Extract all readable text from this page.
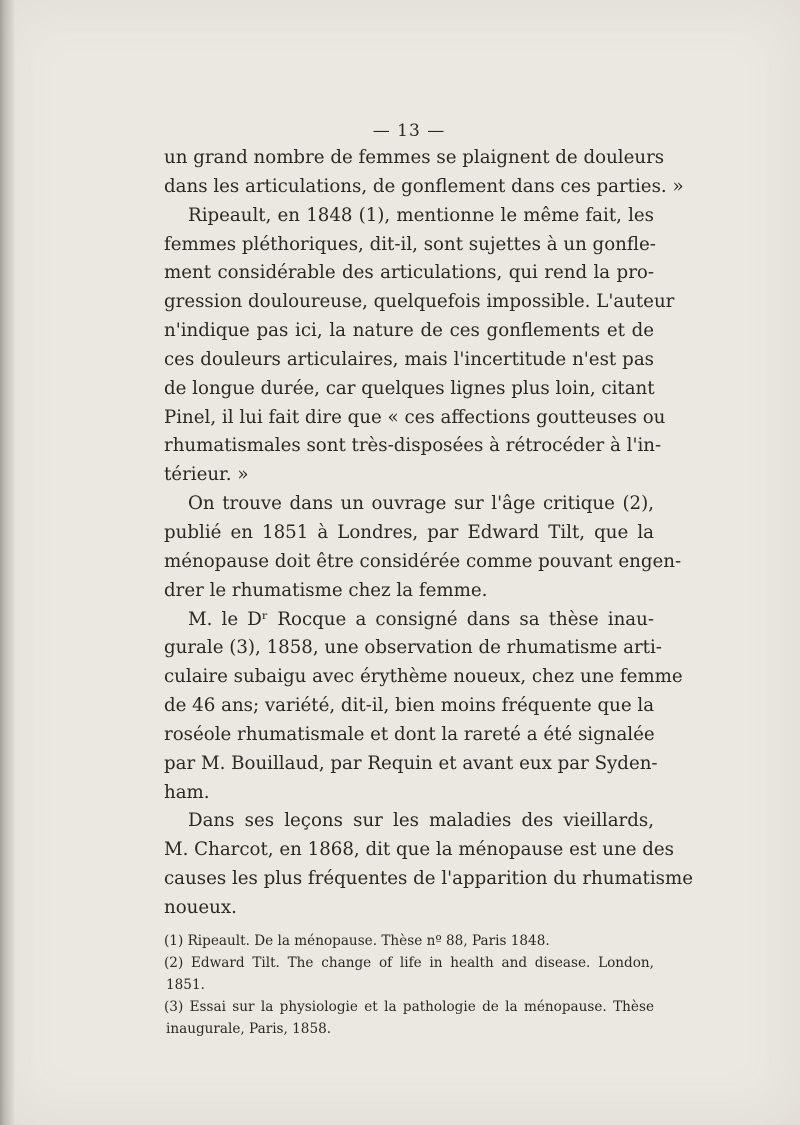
— 13 —
un grand nombre de femmes se plaignent de douleurs
dans les articulations, de gonflement dans ces parties. »
Ripeault, en 1848 (1), mentionne le même fait, les
femmes pléthoriques, dit-il, sont sujettes à un gonfle-
ment considérable des articulations, qui rend la pro-
gression douloureuse, quelquefois impossible. L'auteur
n'indique pas ici, la nature de ces gonflements et de
ces douleurs articulaires, mais l'incertitude n'est pas
de longue durée, car quelques lignes plus loin, citant
Pinel, il lui fait dire que « ces affections goutteuses ou
rhumatismales sont très-disposées à rétrocéder à l'in-
térieur. »
On trouve dans un ouvrage sur l'âge critique (2),
publié en 1851 à Londres, par Edward Tilt, que la
ménopause doit être considérée comme pouvant engen-
drer le rhumatisme chez la femme.
M. le Dʳ Rocque a consigné dans sa thèse inau-
gurale (3), 1858, une observation de rhumatisme arti-
culaire subaigu avec érythème noueux, chez une femme
de 46 ans; variété, dit-il, bien moins fréquente que la
roséole rhumatismale et dont la rareté a été signalée
par M. Bouillaud, par Requin et avant eux par Syden-
ham.
Dans ses leçons sur les maladies des vieillards,
M. Charcot, en 1868, dit que la ménopause est une des
causes les plus fréquentes de l'apparition du rhumatisme
noueux.
(1) Ripeault. De la ménopause. Thèse nº 88, Paris 1848.
(2) Edward Tilt. The change of life in health and disease. London,
1851.
(3) Essai sur la physiologie et la pathologie de la ménopause. Thèse
inaugurale, Paris, 1858.
